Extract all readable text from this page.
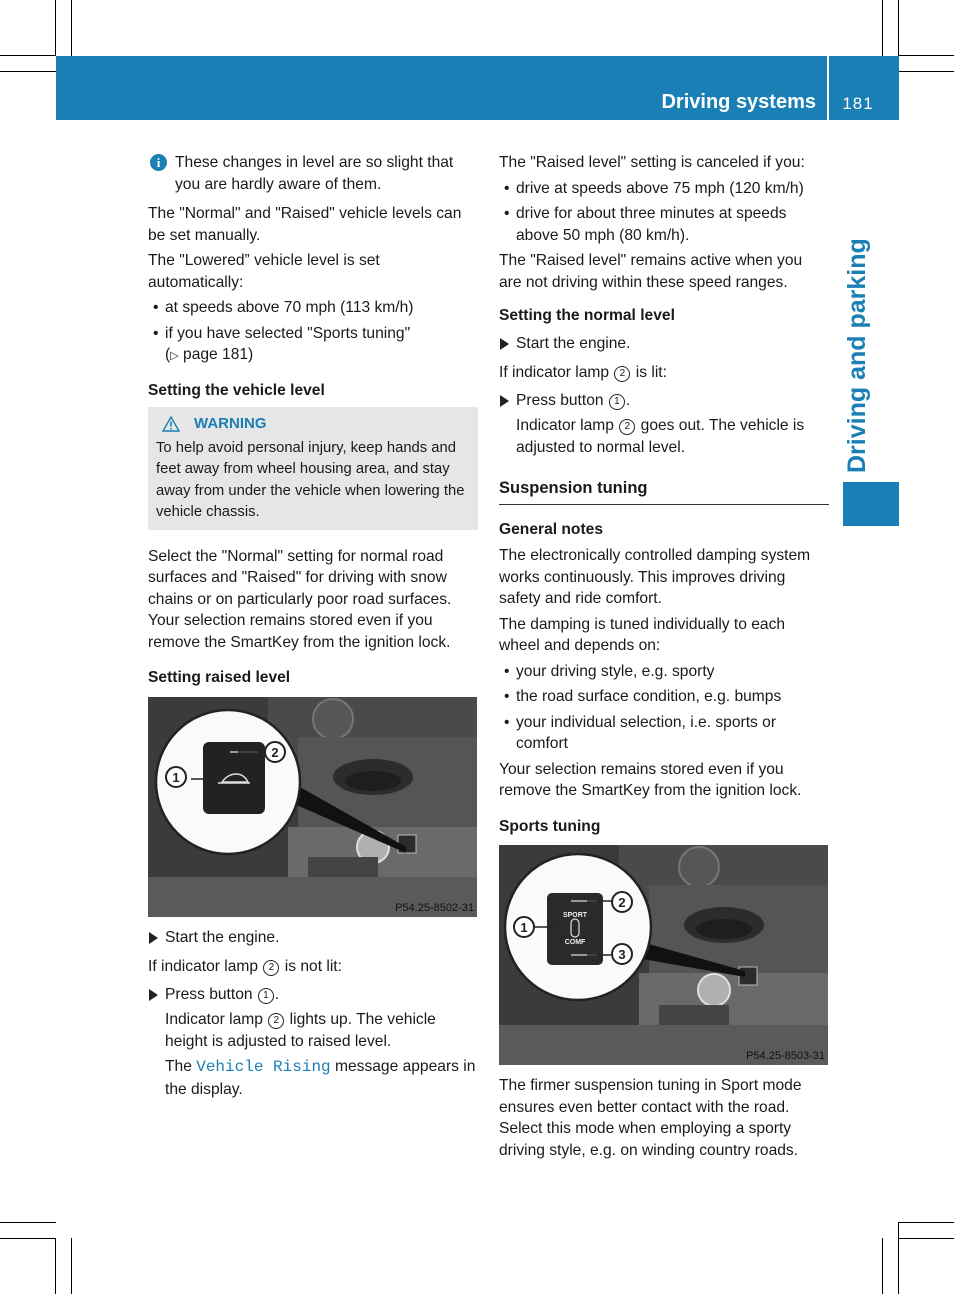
Driving systems	181
Driving and parking
i These changes in level are so slight that you are hardly aware of them.

The "Normal" and "Raised" vehicle levels can be set manually.

The "Lowered” vehicle level is set automatically:

• at speeds above 70 mph (113 km/h)
• if you have selected "Sports tuning"
(▷ page 181)

Setting the vehicle level

WARNING
To help avoid personal injury, keep hands and feet away from wheel housing area, and stay away from under the vehicle when lowering the vehicle chassis.

Select the "Normal" setting for normal road surfaces and "Raised" for driving with snow chains or on particularly poor road surfaces. Your selection remains stored even if you remove the SmartKey from the ignition lock.

Setting raised level

1
2
P54.25-8502-31
Start the engine.

If indicator lamp 2 is not lit:

Press button 1 .
Indicator lamp 2 lights up. The vehicle height is adjusted to raised level.
The Vehicle Rising message appears in the display.

The "Raised level" setting is canceled if you:

• drive at speeds above 75 mph (120 km/h)
• drive for about three minutes at speeds above 50 mph (80 km/h).

The "Raised level" remains active when you are not driving within these speed ranges.

Setting the normal level

Start the engine.

If indicator lamp 2 is lit:

Press button 1 .
Indicator lamp 2 goes out. The vehicle is adjusted to normal level.
Suspension tuning

General notes

The electronically controlled damping system works continuously. This improves driving safety and ride comfort.

The damping is tuned individually to each wheel and depends on:

• your driving style, e.g. sporty
• the road surface condition, e.g. bumps
• your individual selection, i.e. sports or comfort

Your selection remains stored even if you remove the SmartKey from the ignition lock.

Sports tuning

SPORT
COMF
1
2
3
P54.25-8503-31

The firmer suspension tuning in Sport mode ensures even better contact with the road. Select this mode when employing a sporty driving style, e.g. on winding country roads.
